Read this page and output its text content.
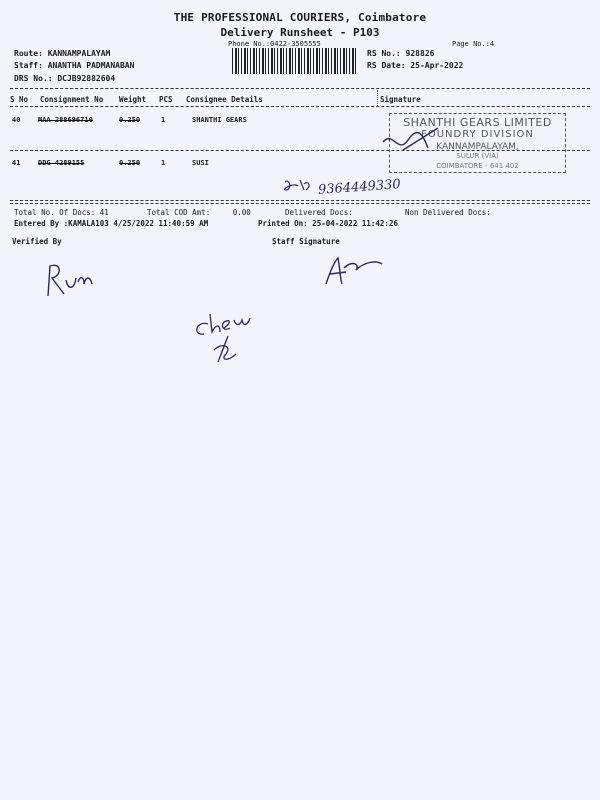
THE PROFESSIONAL COURIERS, Coimbatore
Delivery Runsheet - P103
Phone No.:0422-3505555	Page No.:4
Route: KANNAMPALAYAM
Staff: ANANTHA PADMANABAN
DRS No.: DCJB92882604
RS No.: 928826
RS Date: 25-Apr-2022
S No Consignment No Weight PCS Consignee Details	Signature
40	MAA 288696710	0.250	1	SHANTHI GEARS
41	DDG 4289155	0.250	1	SUSI
SHANTHI GEARS LIMITED
FOUNDRY DIVISION
KANNAMPALAYAM,
SULUR (VIA)
COIMBATORE - 641 402
9364449330
Total No. Of Docs: 41	Total COD Amt:	0.00	Delivered Docs:	Non Delivered Docs:
Entered By :KAMALA103 4/25/2022 11:40:59 AM	Printed On: 25-04-2022 11:42:26
Verified By	Staff Signature
